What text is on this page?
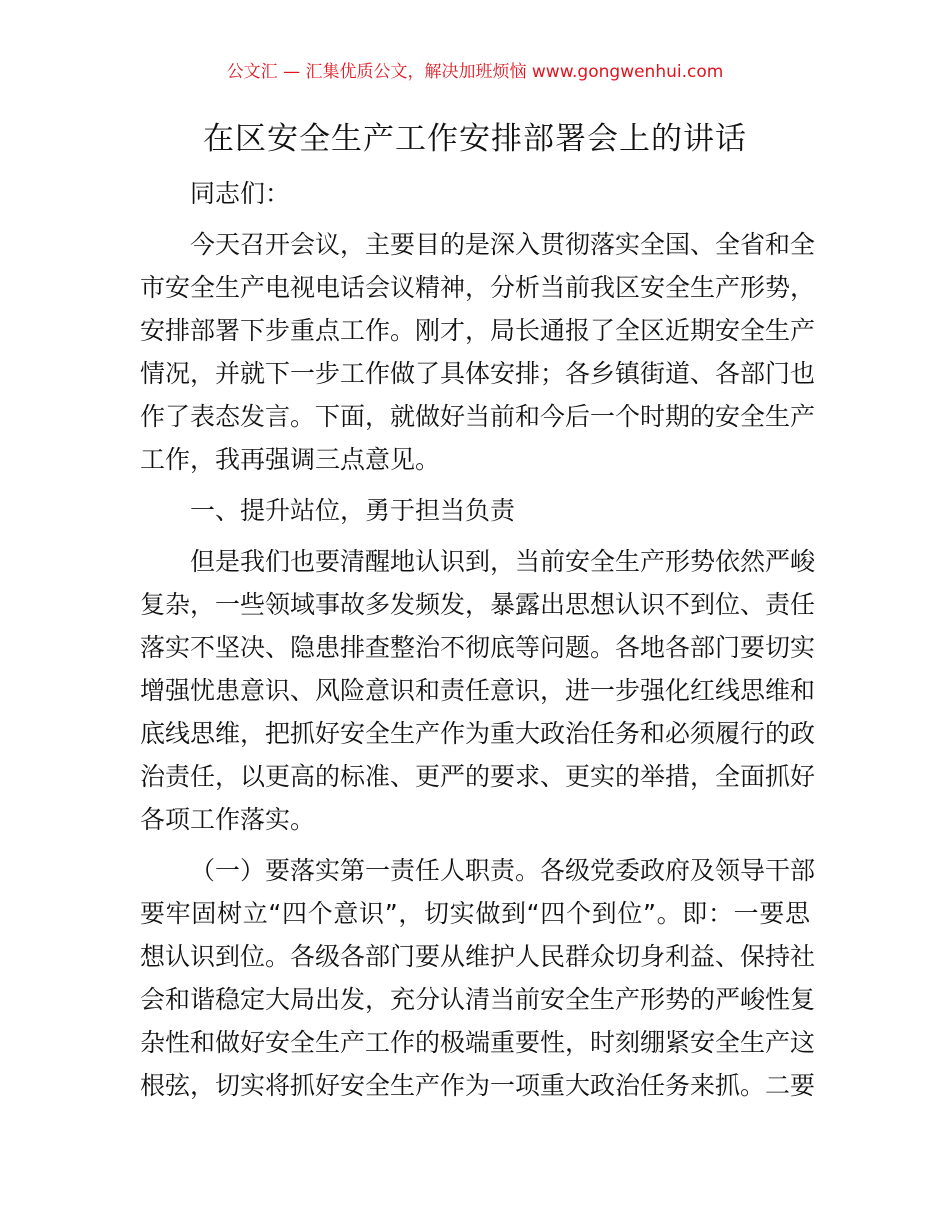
公文汇 — 汇集优质公文，解决加班烦恼 www.gongwenhui.com
在区安全生产工作安排部署会上的讲话
同志们：
今天召开会议，主要目的是深入贯彻落实全国、全省和全
市安全生产电视电话会议精神，分析当前我区安全生产形势，
安排部署下步重点工作。刚才，局长通报了全区近期安全生产
情况，并就下一步工作做了具体安排；各乡镇街道、各部门也
作了表态发言。下面，就做好当前和今后一个时期的安全生产
工作，我再强调三点意见。
一、提升站位，勇于担当负责
但是我们也要清醒地认识到，当前安全生产形势依然严峻
复杂，一些领域事故多发频发，暴露出思想认识不到位、责任
落实不坚决、隐患排查整治不彻底等问题。各地各部门要切实
增强忧患意识、风险意识和责任意识，进一步强化红线思维和
底线思维，把抓好安全生产作为重大政治任务和必须履行的政
治责任，以更高的标准、更严的要求、更实的举措，全面抓好
各项工作落实。
（一）要落实第一责任人职责。各级党委政府及领导干部
要牢固树立“四个意识”，切实做到“四个到位”。即：一要思
想认识到位。各级各部门要从维护人民群众切身利益、保持社
会和谐稳定大局出发，充分认清当前安全生产形势的严峻性复
杂性和做好安全生产工作的极端重要性，时刻绷紧安全生产这
根弦，切实将抓好安全生产作为一项重大政治任务来抓。二要
